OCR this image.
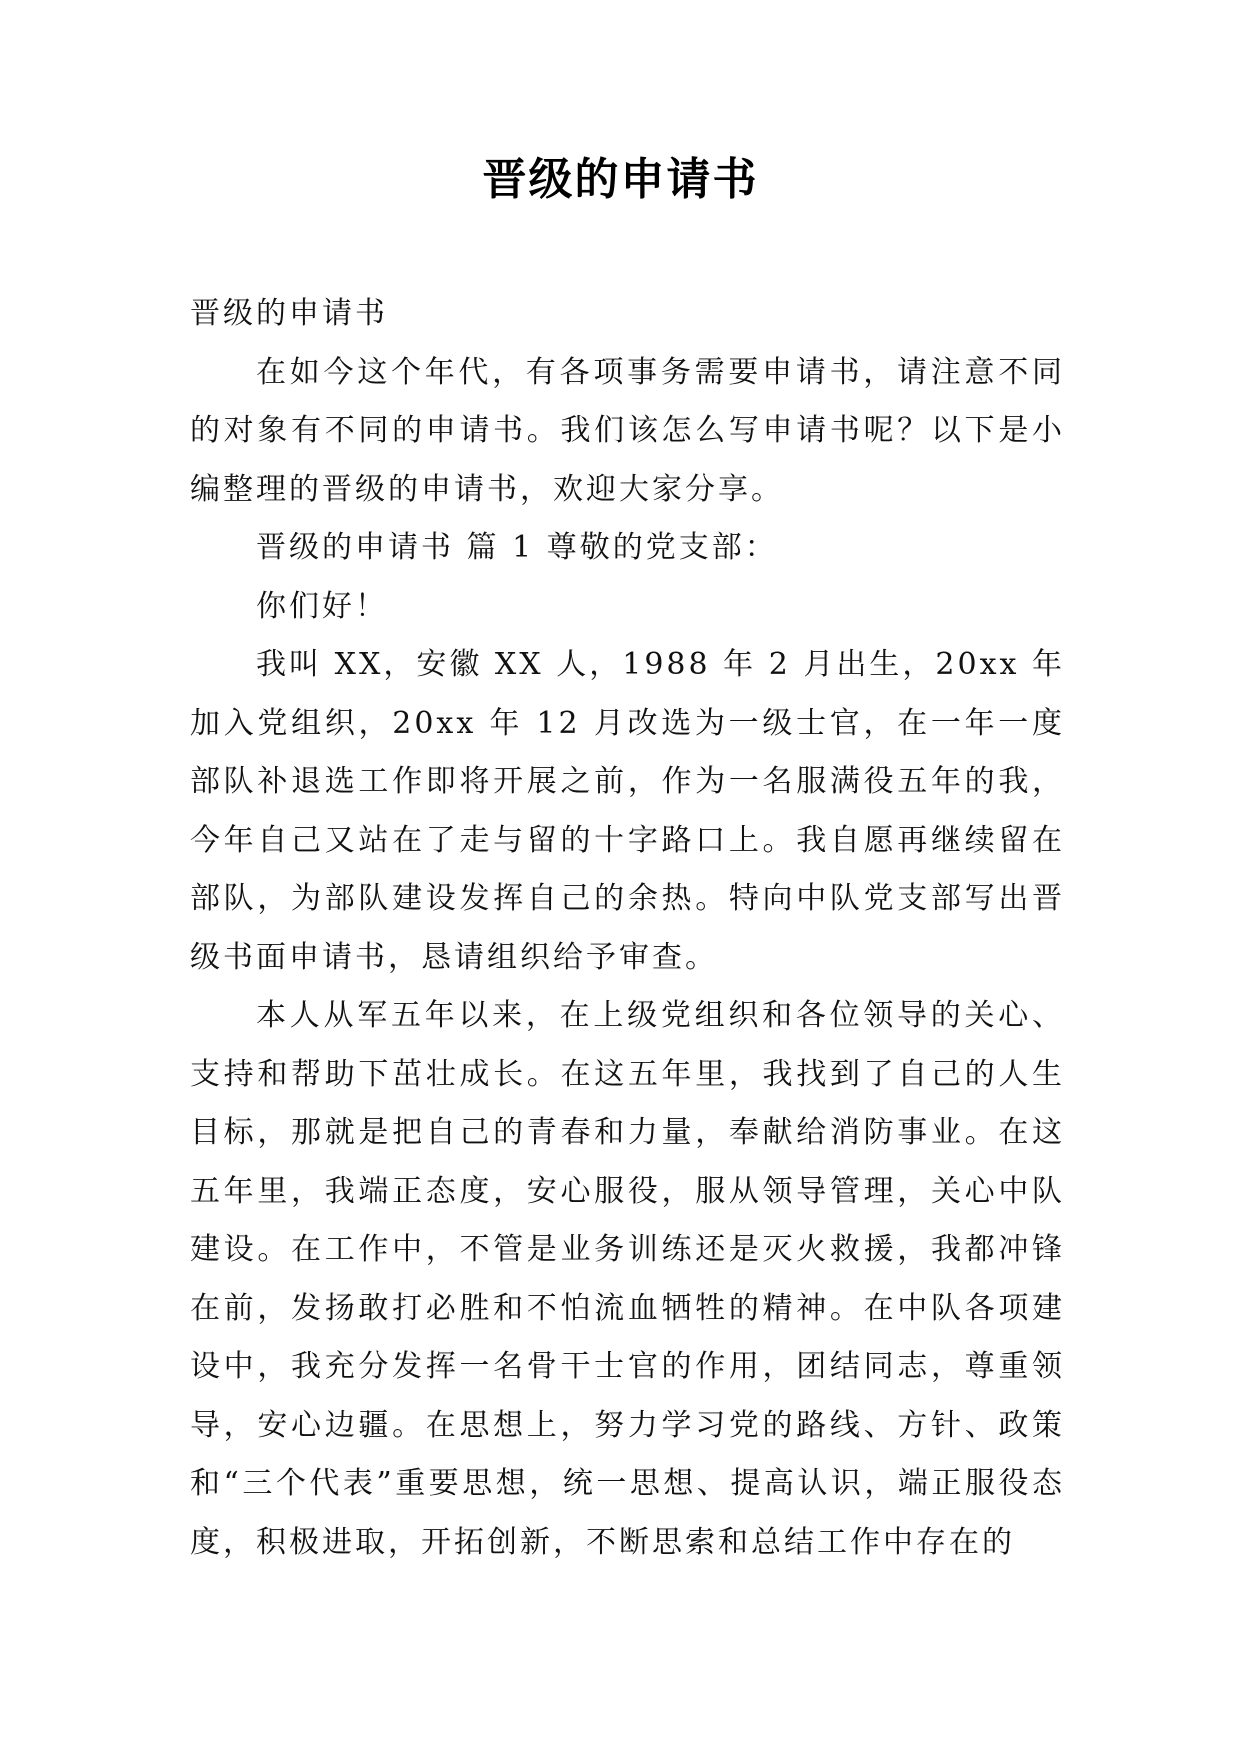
晋级的申请书

晋级的申请书

在如今这个年代，有各项事务需要申请书，请注意不同的对象有不同的申请书。我们该怎么写申请书呢？以下是小编整理的晋级的申请书，欢迎大家分享。

晋级的申请书 篇 1 尊敬的党支部：

你们好！

我叫 XX，安徽 XX 人，1988 年 2 月出生，20xx 年加入党组织，20xx 年 12 月改选为一级士官，在一年一度部队补退选工作即将开展之前，作为一名服满役五年的我，今年自己又站在了走与留的十字路口上。我自愿再继续留在部队，为部队建设发挥自己的余热。特向中队党支部写出晋级书面申请书，恳请组织给予审查。

本人从军五年以来，在上级党组织和各位领导的关心、支持和帮助下茁壮成长。在这五年里，我找到了自己的人生目标，那就是把自己的青春和力量，奉献给消防事业。在这五年里，我端正态度，安心服役，服从领导管理，关心中队建设。在工作中，不管是业务训练还是灭火救援，我都冲锋在前，发扬敢打必胜和不怕流血牺牲的精神。在中队各项建设中，我充分发挥一名骨干士官的作用，团结同志，尊重领导，安心边疆。在思想上，努力学习党的路线、方针、政策和“三个代表”重要思想，统一思想、提高认识，端正服役态度，积极进取，开拓创新，不断思索和总结工作中存在的
